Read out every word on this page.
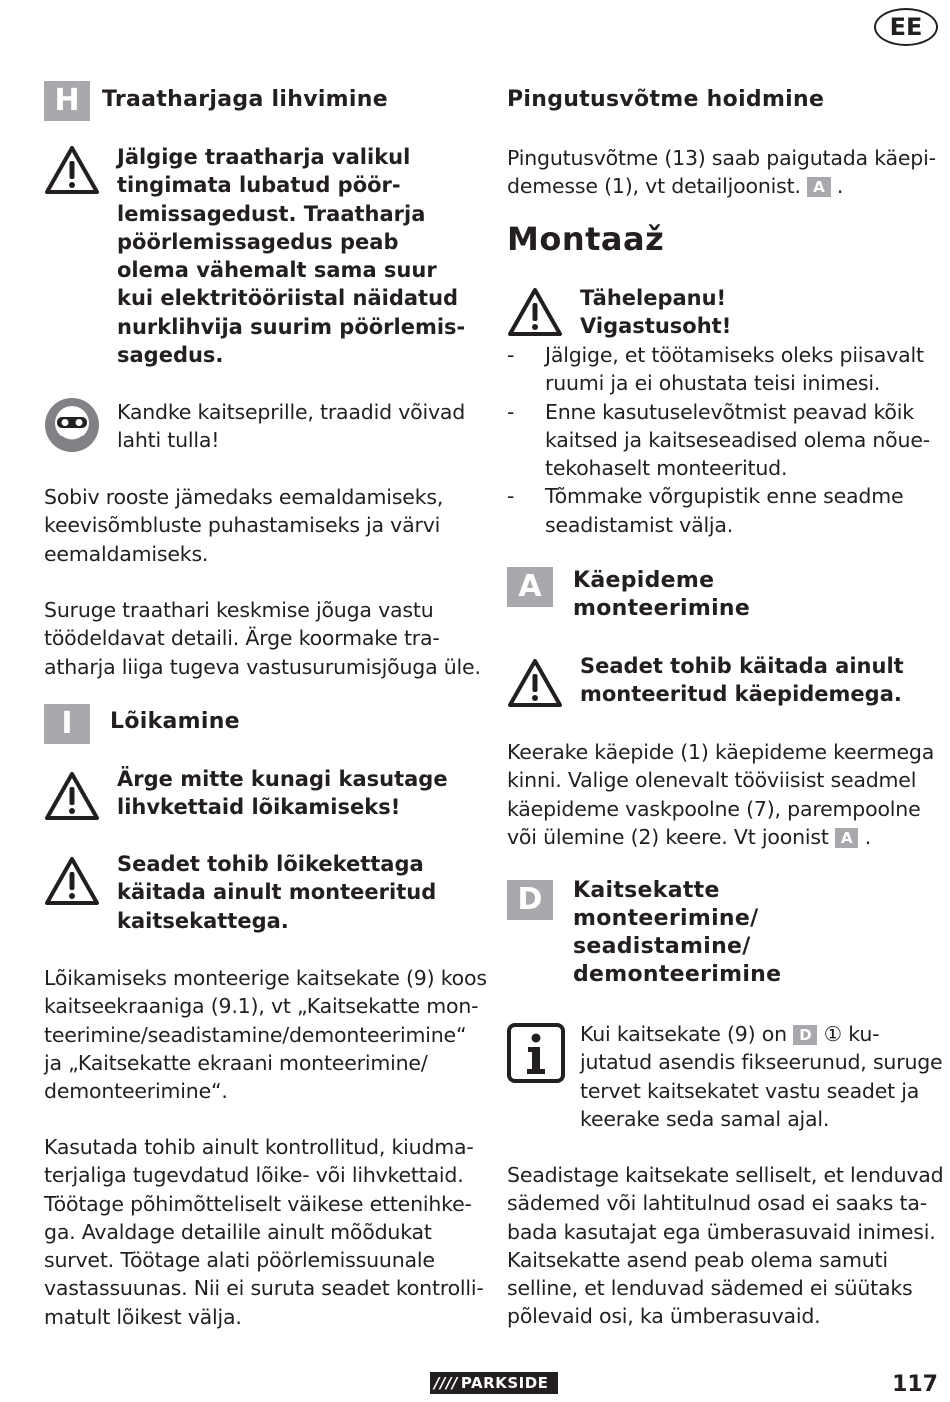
EE
H	Traatharjaga lihvimine
Jälgige traatharja valikul
tingimata lubatud pöör-
lemissagedust. Traatharja
pöörlemissagedus peab
olema vähemalt sama suur
kui elektritööriistal näidatud
nurklihvija suurim pöörlemis-
sagedus.
Kandke kaitseprille, traadid võivad
lahti tulla!
Sobiv rooste jämedaks eemaldamiseks,
keevisõmbluste puhastamiseks ja värvi
eemaldamiseks.
Suruge traathari keskmise jõuga vastu
töödeldavat detaili. Ärge koormake tra-
atharja liiga tugeva vastusurumisjõuga üle.
I	Lõikamine
Ärge mitte kunagi kasutage
lihvkettaid lõikamiseks!
Seadet tohib lõikekettaga
käitada ainult monteeritud
kaitsekattega.
Lõikamiseks monteerige kaitsekate (9) koos
kaitseekraaniga (9.1), vt „Kaitsekatte mon-
teerimine/seadistamine/demonteerimine“
ja „Kaitsekatte ekraani monteerimine/
demonteerimine“.
Kasutada tohib ainult kontrollitud, kiudma-
terjaliga tugevdatud lõike- või lihvkettaid.
Töötage põhimõtteliselt väikese ettenihke-
ga. Avaldage detailile ainult mõõdukat
survet. Töötage alati pöörlemissuunale
vastassuunas. Nii ei suruta seadet kontrolli-
matult lõikest välja.
Pingutusvõtme hoidmine
Pingutusvõtme (13) saab paigutada käepi-
demesse (1), vt detailjoonist. A .
Montaaž
Tähelepanu!
Vigastusoht!
- Jälgige, et töötamiseks oleks piisavalt
ruumi ja ei ohustata teisi inimesi.
- Enne kasutuselevõtmist peavad kõik
kaitsed ja kaitseseadised olema nõue-
tekohaselt monteeritud.
- Tõmmake võrgupistik enne seadme
seadistamist välja.
A	Käepideme
monteerimine
Seadet tohib käitada ainult
monteeritud käepidemega.
Keerake käepide (1) käepideme keermega
kinni. Valige olenevalt tööviisist seadmel
käepideme vaskpoolne (7), parempoolne
või ülemine (2) keere. Vt joonist A .
D	Kaitsekatte
monteerimine/
seadistamine/
demonteerimine
Kui kaitsekate (9) on D ① ku-
jutatud asendis fikseerunud, suruge
tervet kaitsekatet vastu seadet ja
keerake seda samal ajal.
Seadistage kaitsekate selliselt, et lenduvad
sädemed või lahtitulnud osad ei saaks ta-
bada kasutajat ega ümberasuvaid inimesi.
Kaitsekatte asend peab olema samuti
selline, et lenduvad sädemed ei süütaks
põlevaid osi, ka ümberasuvaid.
//// PARKSIDE	117
